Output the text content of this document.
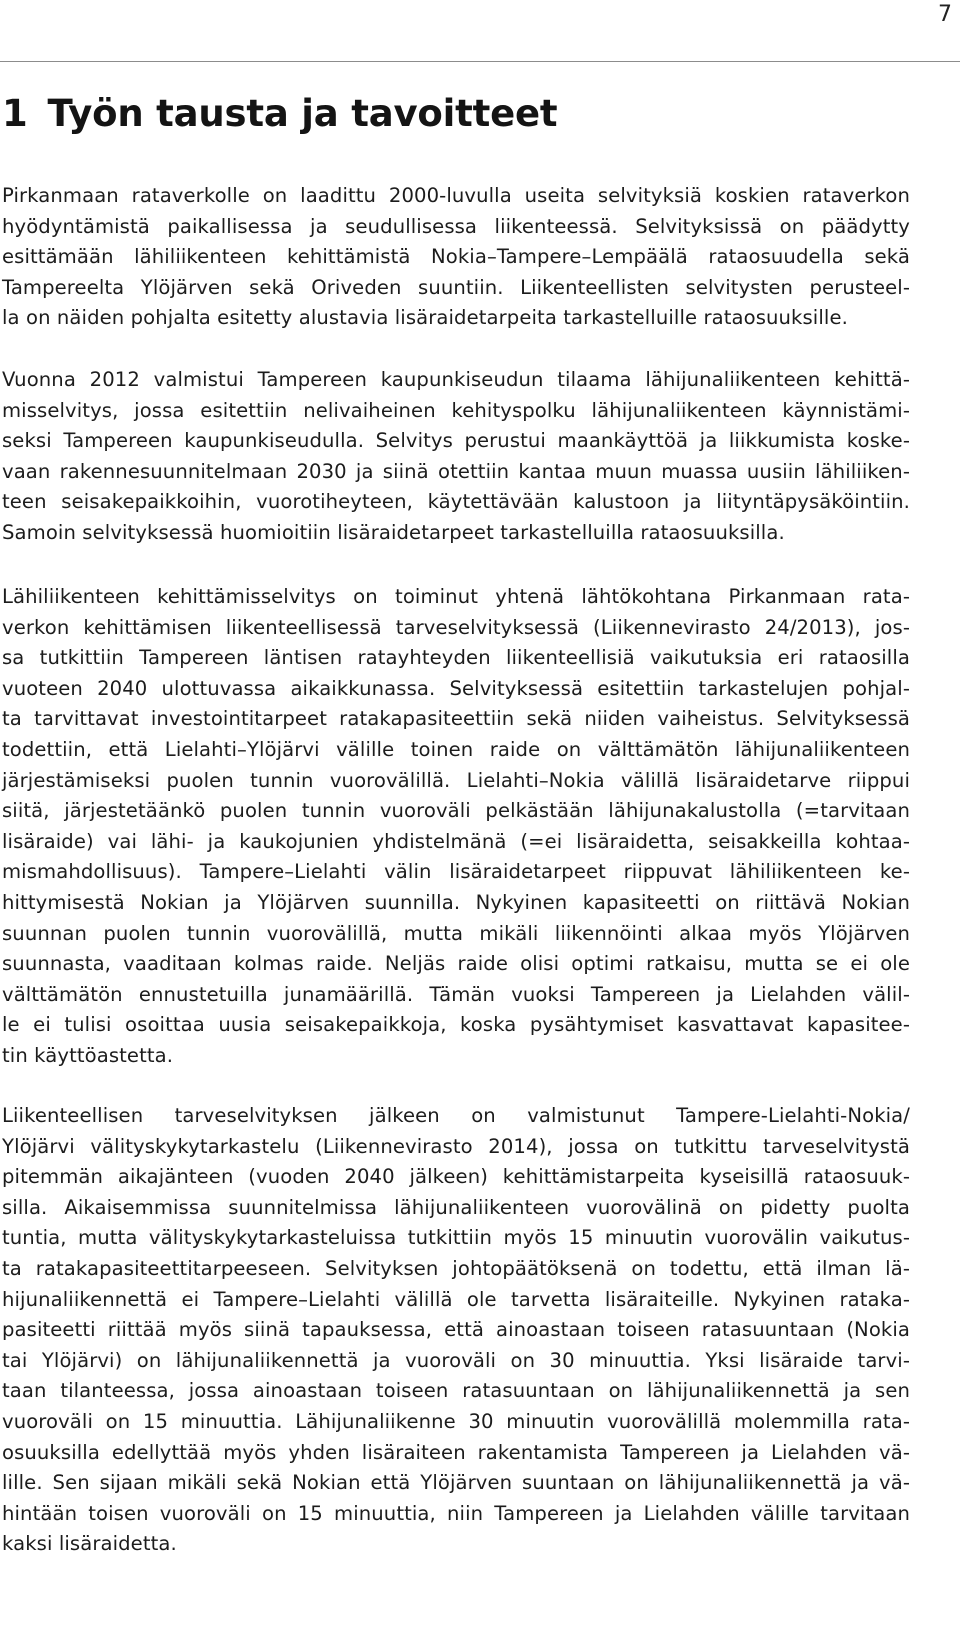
7
1 Työn tausta ja tavoitteet
Pirkanmaan rataverkolle on laadittu 2000-luvulla useita selvityksiä koskien rataverkon
hyödyntämistä paikallisessa ja seudullisessa liikenteessä. Selvityksissä on päädytty
esittämään lähiliikenteen kehittämistä Nokia–Tampere–Lempäälä rataosuudella sekä
Tampereelta Ylöjärven sekä Oriveden suuntiin. Liikenteellisten selvitysten perusteel-
la on näiden pohjalta esitetty alustavia lisäraidetarpeita tarkastelluille rataosuuksille.
Vuonna 2012 valmistui Tampereen kaupunkiseudun tilaama lähijunaliikenteen kehittä-
misselvitys, jossa esitettiin nelivaiheinen kehityspolku lähijunaliikenteen käynnistämi-
seksi Tampereen kaupunkiseudulla. Selvitys perustui maankäyttöä ja liikkumista koske-
vaan rakennesuunnitelmaan 2030 ja siinä otettiin kantaa muun muassa uusiin lähiliiken-
teen seisakepaikkoihin, vuorotiheyteen, käytettävään kalustoon ja liityntäpysäköintiin.
Samoin selvityksessä huomioitiin lisäraidetarpeet tarkastelluilla rataosuuksilla.
Lähiliikenteen kehittämisselvitys on toiminut yhtenä lähtökohtana Pirkanmaan rata-
verkon kehittämisen liikenteellisessä tarveselvityksessä (Liikennevirasto 24/2013), jos-
sa tutkittiin Tampereen läntisen ratayhteyden liikenteellisiä vaikutuksia eri rataosilla
vuoteen 2040 ulottuvassa aikaikkunassa. Selvityksessä esitettiin tarkastelujen pohjal-
ta tarvittavat investointitarpeet ratakapasiteettiin sekä niiden vaiheistus. Selvityksessä
todettiin, että Lielahti–Ylöjärvi välille toinen raide on välttämätön lähijunaliikenteen
järjestämiseksi puolen tunnin vuorovälillä. Lielahti–Nokia välillä lisäraidetarve riippui
siitä, järjestetäänkö puolen tunnin vuoroväli pelkästään lähijunakalustolla (=tarvitaan
lisäraide) vai lähi- ja kaukojunien yhdistelmänä (=ei lisäraidetta, seisakkeilla kohtaa-
mismahdollisuus). Tampere–Lielahti välin lisäraidetarpeet riippuvat lähiliikenteen ke-
hittymisestä Nokian ja Ylöjärven suunnilla. Nykyinen kapasiteetti on riittävä Nokian
suunnan puolen tunnin vuorovälillä, mutta mikäli liikennöinti alkaa myös Ylöjärven
suunnasta, vaaditaan kolmas raide. Neljäs raide olisi optimi ratkaisu, mutta se ei ole
välttämätön ennustetuilla junamäärillä. Tämän vuoksi Tampereen ja Lielahden välil-
le ei tulisi osoittaa uusia seisakepaikkoja, koska pysähtymiset kasvattavat kapasitee-
tin käyttöastetta.
Liikenteellisen tarveselvityksen jälkeen on valmistunut Tampere-Lielahti-Nokia/
Ylöjärvi välityskykytarkastelu (Liikennevirasto 2014), jossa on tutkittu tarveselvitystä
pitemmän aikajänteen (vuoden 2040 jälkeen) kehittämistarpeita kyseisillä rataosuuk-
silla. Aikaisemmissa suunnitelmissa lähijunaliikenteen vuorovälinä on pidetty puolta
tuntia, mutta välityskykytarkasteluissa tutkittiin myös 15 minuutin vuorovälin vaikutus-
ta ratakapasiteettitarpeeseen. Selvityksen johtopäätöksenä on todettu, että ilman lä-
hijunaliikennettä ei Tampere–Lielahti välillä ole tarvetta lisäraiteille. Nykyinen rataka-
pasiteetti riittää myös siinä tapauksessa, että ainoastaan toiseen ratasuuntaan (Nokia
tai Ylöjärvi) on lähijunaliikennettä ja vuoroväli on 30 minuuttia. Yksi lisäraide tarvi-
taan tilanteessa, jossa ainoastaan toiseen ratasuuntaan on lähijunaliikennettä ja sen
vuoroväli on 15 minuuttia. Lähijunaliikenne 30 minuutin vuorovälillä molemmilla rata-
osuuksilla edellyttää myös yhden lisäraiteen rakentamista Tampereen ja Lielahden vä-
lille. Sen sijaan mikäli sekä Nokian että Ylöjärven suuntaan on lähijunaliikennettä ja vä-
hintään toisen vuoroväli on 15 minuuttia, niin Tampereen ja Lielahden välille tarvitaan
kaksi lisäraidetta.
